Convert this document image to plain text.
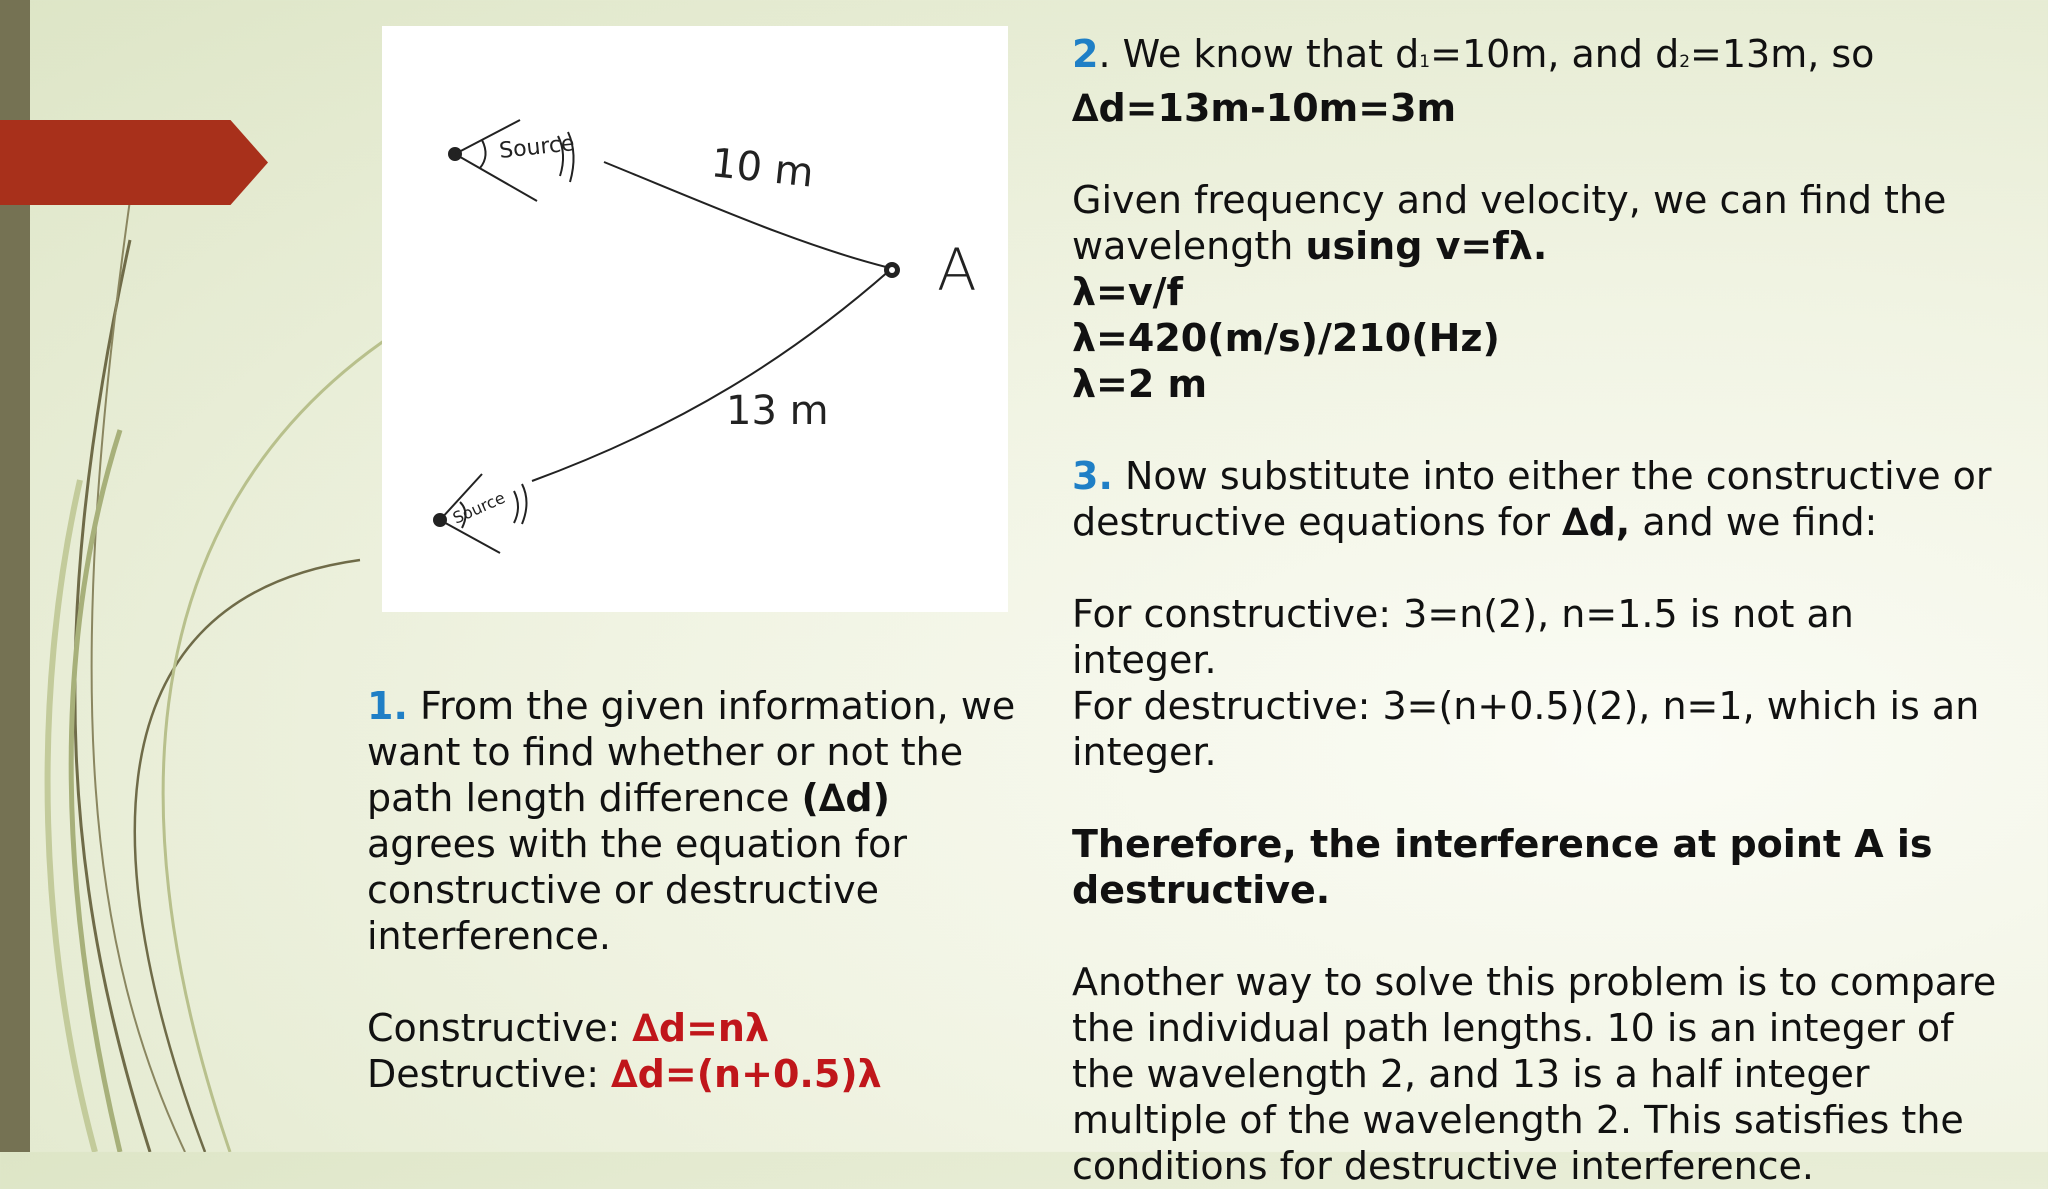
Source
Source
10 m
13 m
A

1. From the given information, we want to find whether or not the path length difference (∆d) agrees with the equation for constructive or destructive interference.

Constructive: ∆d=nλ

Destructive: ∆d=(n+0.5)λ

2. We know that d1=10m, and d2=13m, so

∆d=13m-10m=3m

Given frequency and velocity, we can find the wavelength using v=fλ.

λ=v/f

λ=420(m/s)/210(Hz)

λ=2 m

3. Now substitute into either the constructive or destructive equations for ∆d, and we find:

For constructive: 3=n(2), n=1.5 is not an integer.

For destructive: 3=(n+0.5)(2), n=1, which is an integer.

Therefore, the interference at point A is destructive.

Another way to solve this problem is to compare the individual path lengths. 10 is an integer of the wavelength 2, and 13 is a half integer multiple of the wavelength 2. This satisfies the conditions for destructive interference.
